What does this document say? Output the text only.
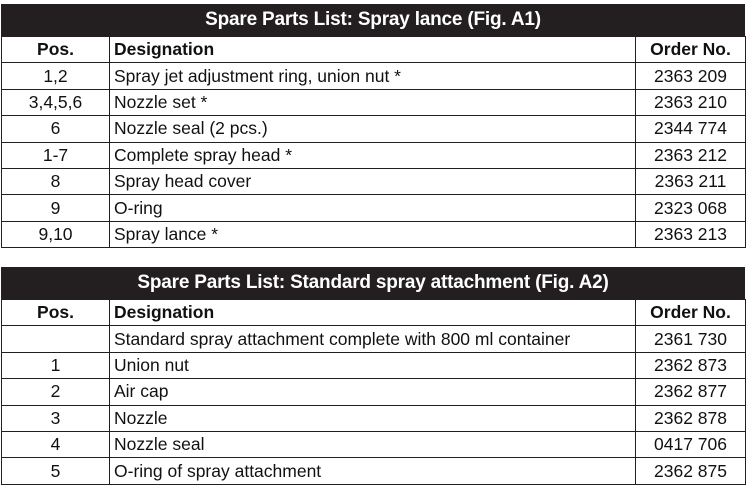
Spare Parts List: Spray lance (Fig. A1)
Pos.	Designation	Order No.
1,2	Spray jet adjustment ring, union nut *	2363 209
3,4,5,6	Nozzle set *	2363 210
6	Nozzle seal (2 pcs.)	2344 774
1-7	Complete spray head *	2363 212
8	Spray head cover	2363 211
9	O-ring	2323 068
9,10	Spray lance *	2363 213
Spare Parts List: Standard spray attachment (Fig. A2)
Pos.	Designation	Order No.
	Standard spray attachment complete with 800 ml container	2361 730
1	Union nut	2362 873
2	Air cap	2362 877
3	Nozzle	2362 878
4	Nozzle seal	0417 706
5	O-ring of spray attachment	2362 875
